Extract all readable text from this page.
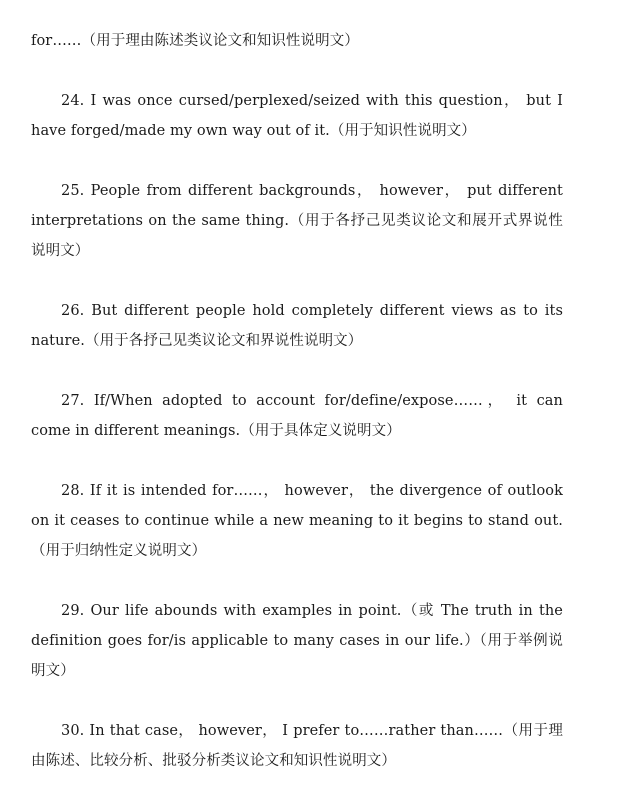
for……（用于理由陈述类议论文和知识性说明文）

24. I was once cursed/perplexed/seized with this question， but I have forged/made my own way out of it.（用于知识性说明文）

25. People from different backgrounds， however， put different interpretations on the same thing.（用于各抒己见类议论文和展开式界说性说明文）

26. But different people hold completely different views as to its nature.（用于各抒己见类议论文和界说性说明文）

27. If/When adopted to account for/define/expose……， it can come in different meanings.（用于具体定义说明文）

28. If it is intended for……， however， the divergence of outlook on it ceases to continue while a new meaning to it begins to stand out.（用于归纳性定义说明文）

29. Our life abounds with examples in point.（或 The truth in the definition goes for/is applicable to many cases in our life.）（用于举例说明文）

30. In that case， however， I prefer to……rather than……（用于理由陈述、比较分析、批驳分析类议论文和知识性说明文）
